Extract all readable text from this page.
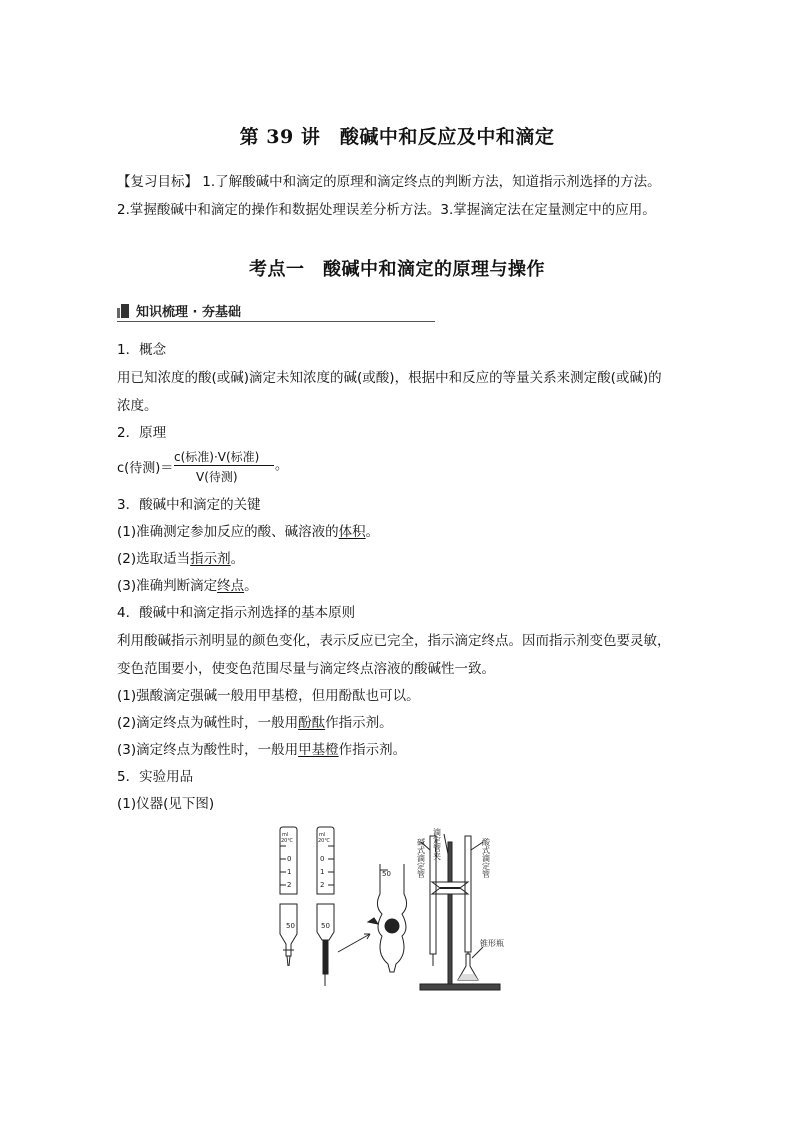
第 39 讲　酸碱中和反应及中和滴定
【复习目标】 1.了解酸碱中和滴定的原理和滴定终点的判断方法，知道指示剂选择的方法。
2.掌握酸碱中和滴定的操作和数据处理误差分析方法。3.掌握滴定法在定量测定中的应用。
考点一　酸碱中和滴定的原理与操作
知识梳理 · 夯基础
1．概念
用已知浓度的酸(或碱)滴定未知浓度的碱(或酸)，根据中和反应的等量关系来测定酸(或碱)的
浓度。
2．原理
c(待测)＝
c(标准)·V(标准)
V(待测)
。
3．酸碱中和滴定的关键
(1)准确测定参加反应的酸、碱溶液的体积。
(2)选取适当指示剂。
(3)准确判断滴定终点。
4．酸碱中和滴定指示剂选择的基本原则
利用酸碱指示剂明显的颜色变化，表示反应已完全，指示滴定终点。因而指示剂变色要灵敏，
变色范围要小，使变色范围尽量与滴定终点溶液的酸碱性一致。
(1)强酸滴定强碱一般用甲基橙，但用酚酞也可以。
(2)滴定终点为碱性时，一般用酚酞作指示剂。
(3)滴定终点为酸性时，一般用甲基橙作指示剂。
5．实验用品
(1)仪器(见下图)
ml
20℃
0
1
2
ml
20℃
0
1
2
50	50
50
滴定管夹
碱式滴定管	酸式滴定管
锥形瓶
